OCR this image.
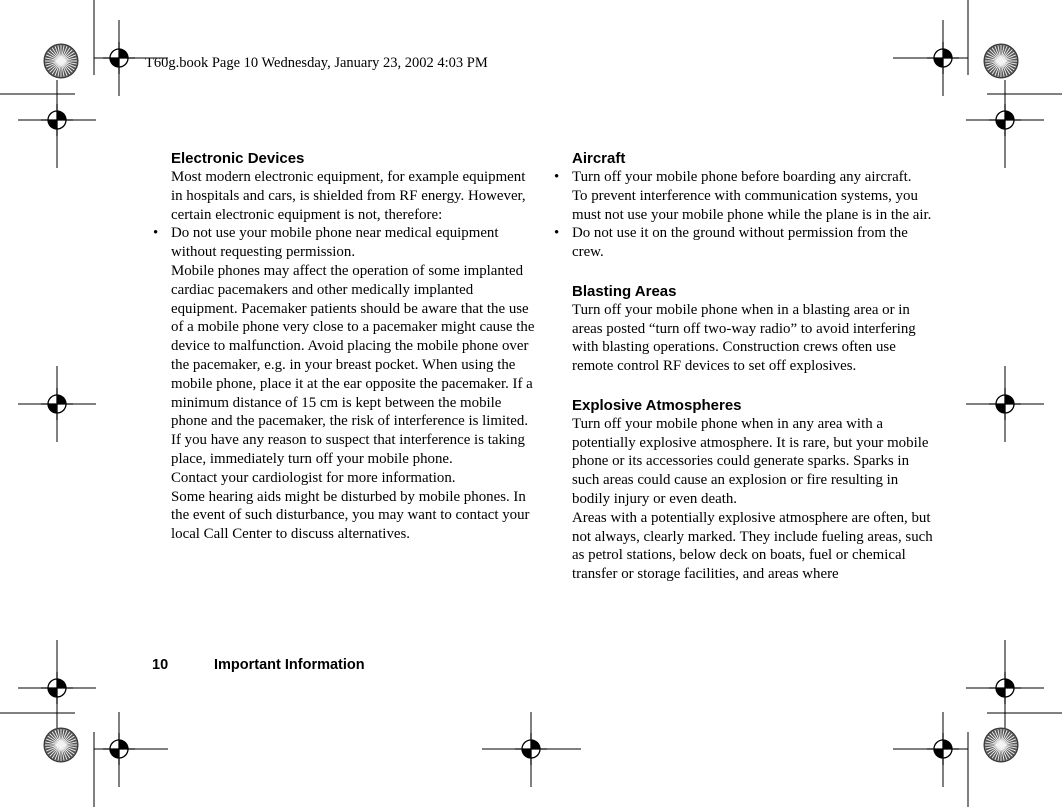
T60g.book Page 10 Wednesday, January 23, 2002 4:03 PM
Electronic Devices

Most modern electronic equipment, for example equipment in hospitals and cars, is shielded from RF energy. However, certain electronic equipment is not, therefore:

• Do not use your mobile phone near medical equipment without requesting permission.

Mobile phones may affect the operation of some implanted cardiac pacemakers and other medically implanted equipment. Pacemaker patients should be aware that the use of a mobile phone very close to a pacemaker might cause the device to malfunction. Avoid placing the mobile phone over the pacemaker, e.g. in your breast pocket. When using the mobile phone, place it at the ear opposite the pacemaker. If a minimum distance of 15 cm is kept between the mobile phone and the pacemaker, the risk of interference is limited. If you have any reason to suspect that interference is taking place, immediately turn off your mobile phone.

Contact your cardiologist for more information.

Some hearing aids might be disturbed by mobile phones. In the event of such disturbance, you may want to contact your local Call Center to discuss alternatives.

Aircraft
• Turn off your mobile phone before boarding any aircraft.

To prevent interference with communication systems, you must not use your mobile phone while the plane is in the air.

• Do not use it on the ground without permission from the crew.

Blasting Areas

Turn off your mobile phone when in a blasting area or in areas posted “turn off two-way radio” to avoid interfering with blasting operations. Construction crews often use remote control RF devices to set off explosives.

Explosive Atmospheres

Turn off your mobile phone when in any area with a potentially explosive atmosphere. It is rare, but your mobile phone or its accessories could generate sparks. Sparks in such areas could cause an explosion or fire resulting in bodily injury or even death.

Areas with a potentially explosive atmosphere are often, but not always, clearly marked. They include fueling areas, such as petrol stations, below deck on boats, fuel or chemical transfer or storage facilities, and areas where

10	Important Information
